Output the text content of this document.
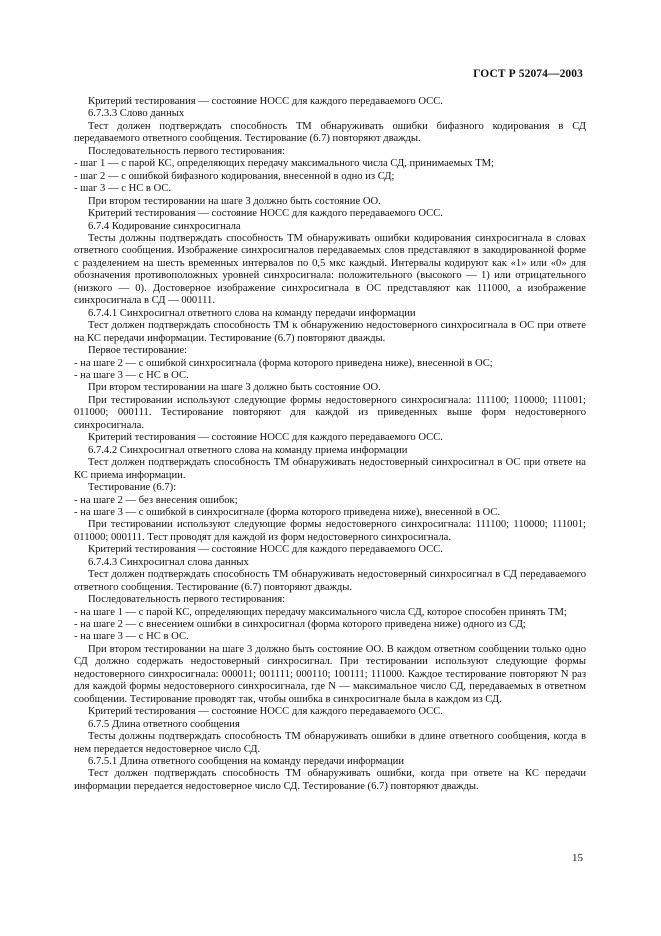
ГОСТ Р 52074—2003

Критерий тестирования — состояние НОСС для каждого передаваемого ОСС.

6.7.3.3 Слово данных

Тест должен подтверждать способность ТМ обнаруживать ошибки бифазного кодирования в СД передаваемого ответного сообщения. Тестирование (6.7) повторяют дважды.

Последовательность первого тестирования:

- шаг 1 — с парой КС, определяющих передачу максимального числа СД, принимаемых ТМ;

- шаг 2 — с ошибкой бифазного кодирования, внесенной в одно из СД;

- шаг 3 — с НС в ОС.

При втором тестировании на шаге 3 должно быть состояние ОО.

Критерий тестирования — состояние НОСС для каждого передаваемого ОСС.

6.7.4 Кодирование синхросигнала

Тесты должны подтверждать способность ТМ обнаруживать ошибки кодирования синхросигнала в словах ответного сообщения. Изображение синхросигналов передаваемых слов представляют в закодированной форме с разделением на шесть временных интервалов по 0,5 мкс каждый. Интервалы кодируют как «1» или «0» для обозначения противоположных уровней синхросигнала: положительного (высокого — 1) или отрицательного (низкого — 0). Достоверное изображение синхросигнала в ОС представляют как 111000, а изображение синхросигнала в СД — 000111.

6.7.4.1 Синхросигнал ответного слова на команду передачи информации

Тест должен подтверждать способность ТМ к обнаружению недостоверного синхросигнала в ОС при ответе на КС передачи информации. Тестирование (6.7) повторяют дважды.

Первое тестирование:

- на шаге 2 — с ошибкой синхросигнала (форма которого приведена ниже), внесенной в ОС;

- на шаге 3 — с НС в ОС.

При втором тестировании на шаге 3 должно быть состояние ОО.

При тестировании используют следующие формы недостоверного синхросигнала: 111100; 110000; 111001; 011000; 000111. Тестирование повторяют для каждой из приведенных выше форм недостоверного синхросигнала.

Критерий тестирования — состояние НОСС для каждого передаваемого ОСС.

6.7.4.2 Синхросигнал ответного слова на команду приема информации

Тест должен подтверждать способность ТМ обнаруживать недостоверный синхросигнал в ОС при ответе на КС приема информации.

Тестирование (6.7):

- на шаге 2 — без внесения ошибок;

- на шаге 3 — с ошибкой в синхросигнале (форма которого приведена ниже), внесенной в ОС.

При тестировании используют следующие формы недостоверного синхросигнала: 111100; 110000; 111001; 011000; 000111. Тест проводят для каждой из форм недостоверного синхросигнала.

Критерий тестирования — состояние НОСС для каждого передаваемого ОСС.

6.7.4.3 Синхросигнал слова данных

Тест должен подтверждать способность ТМ обнаруживать недостоверный синхросигнал в СД передаваемого ответного сообщения. Тестирование (6.7) повторяют дважды.

Последовательность первого тестирования:

- на шаге 1 — с парой КС, определяющих передачу максимального числа СД, которое способен принять ТМ;

- на шаге 2 — с внесением ошибки в синхросигнал (форма которого приведена ниже) одного из СД;

- на шаге 3 — с НС в ОС.

При втором тестировании на шаге 3 должно быть состояние ОО. В каждом ответном сообщении только одно СД должно содержать недостоверный синхросигнал. При тестировании используют следующие формы недостоверного синхросигнала: 000011; 001111; 000110; 100111; 111000. Каждое тестирование повторяют N раз для каждой формы недостоверного синхросигнала, где N — максимальное число СД, передаваемых в ответном сообщении. Тестирование проводят так, чтобы ошибка в синхросигнале была в каждом из СД.

Критерий тестирования — состояние НОСС для каждого передаваемого ОСС.

6.7.5 Длина ответного сообщения

Тесты должны подтверждать способность ТМ обнаруживать ошибки в длине ответного сообщения, когда в нем передается недостоверное число СД.

6.7.5.1 Длина ответного сообщения на команду передачи информации

Тест должен подтверждать способность ТМ обнаруживать ошибки, когда при ответе на КС передачи информации передается недостоверное число СД. Тестирование (6.7) повторяют дважды.

15
